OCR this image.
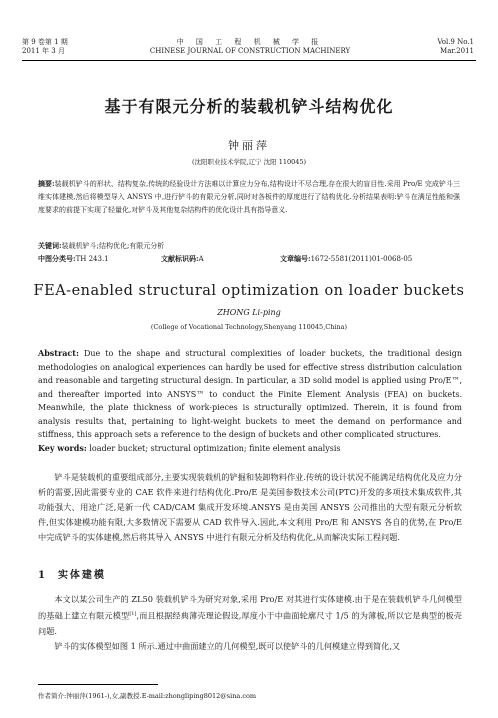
第 9 卷第 1 期
2011 年 3 月
中 国 工 程 机 械 学 报
CHINESE JOURNAL OF CONSTRUCTION MACHINERY
Vol.9 No.1
Mar.2011
基于有限元分析的装载机铲斗结构优化
钟丽萍
(沈阳职业技术学院,辽宁 沈阳 110045)
摘要:装载机铲斗的形状、结构复杂,传统的经验设计方法难以计算应力分布,结构设计不尽合理,存在很大的盲目性.采用 Pro/E 完成铲斗三维实体建模,然后将模型导入 ANSYS 中,进行铲斗的有限元分析,同时对各板件的厚度进行了结构优化.分析结果表明:铲斗在满足性能和强度要求的前提下实现了轻量化,对铲斗及其他复杂结构件的优化设计具有指导意义.
关键词:装载机铲斗;结构优化;有限元分析
中图分类号:TH 243.1	文献标识码:A	文章编号:1672-5581(2011)01-0068-05
FEA-enabled structural optimization on loader buckets
ZHONG Li-ping
(College of Vocational Technology,Shenyang 110045,China)
Abstract: Due to the shape and structural complexities of loader buckets, the traditional design methodologies on analogical experiences can hardly be used for effective stress distribution calculation and reasonable and targeting structural design. In particular, a 3D solid model is applied using Pro/E™, and thereafter imported into ANSYS™ to conduct the Finite Element Analysis (FEA) on buckets. Meanwhile, the plate thickness of work-pieces is structurally optimized. Therein, it is found from analysis results that, pertaining to light-weight buckets to meet the demand on performance and stiffness, this approach sets a reference to the design of buckets and other complicated structures.
Key words: loader bucket; structural optimization; finite element analysis

铲斗是装载机的重要组成部分,主要实现装载机的铲掘和装卸物料作业.传统的设计状况不能满足结构优化及应力分析的需要,因此需要专业的 CAE 软件来进行结构优化.Pro/E 是美国参数技术公司(PTC)开发的多项技术集成软件,其功能强大、用途广泛,是新一代 CAD/CAM 集成开发环境.ANSYS 是由美国 ANSYS 公司推出的大型有限元分析软件,但实体建模功能有限,大多数情况下需要从 CAD 软件导入.因此,本文利用 Pro/E 和 ANSYS 各自的优势,在 Pro/E 中完成铲斗的实体建模,然后将其导入 ANSYS 中进行有限元分析及结构优化,从而解决实际工程问题.

1 实体建模

本文以某公司生产的 ZL50 装载机铲斗为研究对象,采用 Pro/E 对其进行实体建模.由于是在装载机铲斗几何模型的基础上建立有限元模型[1],而且根据经典薄壳理论假设,厚度小于中曲面轮廓尺寸 1/5 的为薄板,所以它是典型的板壳问题.

铲斗的实体模型如图 1 所示.通过中曲面建立的几何模型,既可以使铲斗的几何模建立得到简化,又

作者简介:钟丽萍(1961-),女,副教授.E-mail:zhongliping8012@sina.com
